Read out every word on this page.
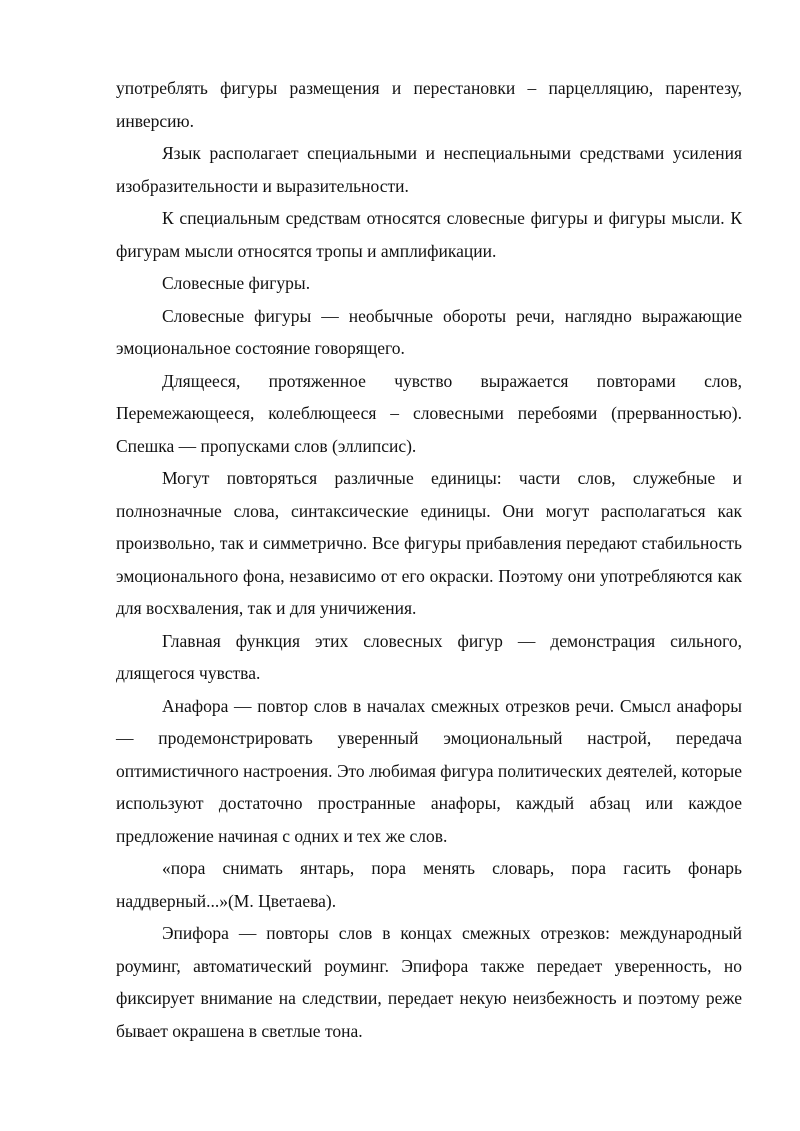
употреблять фигуры размещения и перестановки – парцелляцию, парентезу, инверсию.

Язык располагает специальными и неспециальными средствами усиления изобразительности и выразительности.

К специальным средствам относятся словесные фигуры и фигуры мысли. К фигурам мысли относятся тропы и амплификации.

Словесные фигуры.

Словесные фигуры — необычные обороты речи, наглядно выражающие эмоциональное состояние говорящего.

Длящееся, протяженное чувство выражается повторами слов, Перемежающееся, колеблющееся – словесными перебоями (прерванностью). Спешка — пропусками слов (эллипсис).

Могут повторяться различные единицы: части слов, служебные и полнозначные слова, синтаксические единицы. Они могут располагаться как произвольно, так и симметрично. Все фигуры прибавления передают стабильность эмоционального фона, независимо от его окраски. Поэтому они употребляются как для восхваления, так и для уничижения.

Главная функция этих словесных фигур — демонстрация сильного, длящегося чувства.

Анафора — повтор слов в началах смежных отрезков речи. Смысл анафоры — продемонстрировать уверенный эмоциональный настрой, передача оптимистичного настроения. Это любимая фигура политических деятелей, которые используют достаточно пространные анафоры, каждый абзац или каждое предложение начиная с одних и тех же слов.

«пора снимать янтарь, пора менять словарь, пора гасить фонарь наддверный...»(М. Цветаева).

Эпифора — повторы слов в концах смежных отрезков: международный роуминг, автоматический роуминг. Эпифора также передает уверенность, но фиксирует внимание на следствии, передает некую неизбежность и поэтому реже бывает окрашена в светлые тона.
